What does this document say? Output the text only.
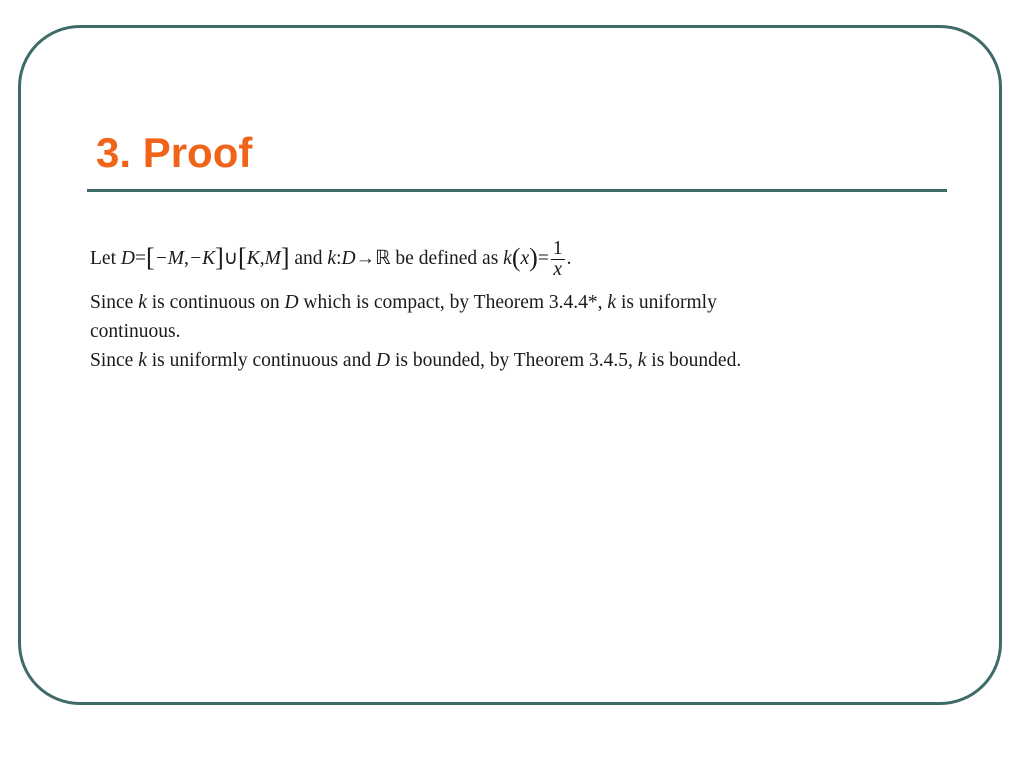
3. Proof
Let D=[−M,−K]∪[K,M] and k:D→ℝ be defined as $k(x)= \frac{1}{x}$ .
Since k is continuous on D which is compact, by Theorem 3.4.4*, k is uniformly
continuous.
Since k is uniformly continuous and D is bounded, by Theorem 3.4.5, k is bounded.
